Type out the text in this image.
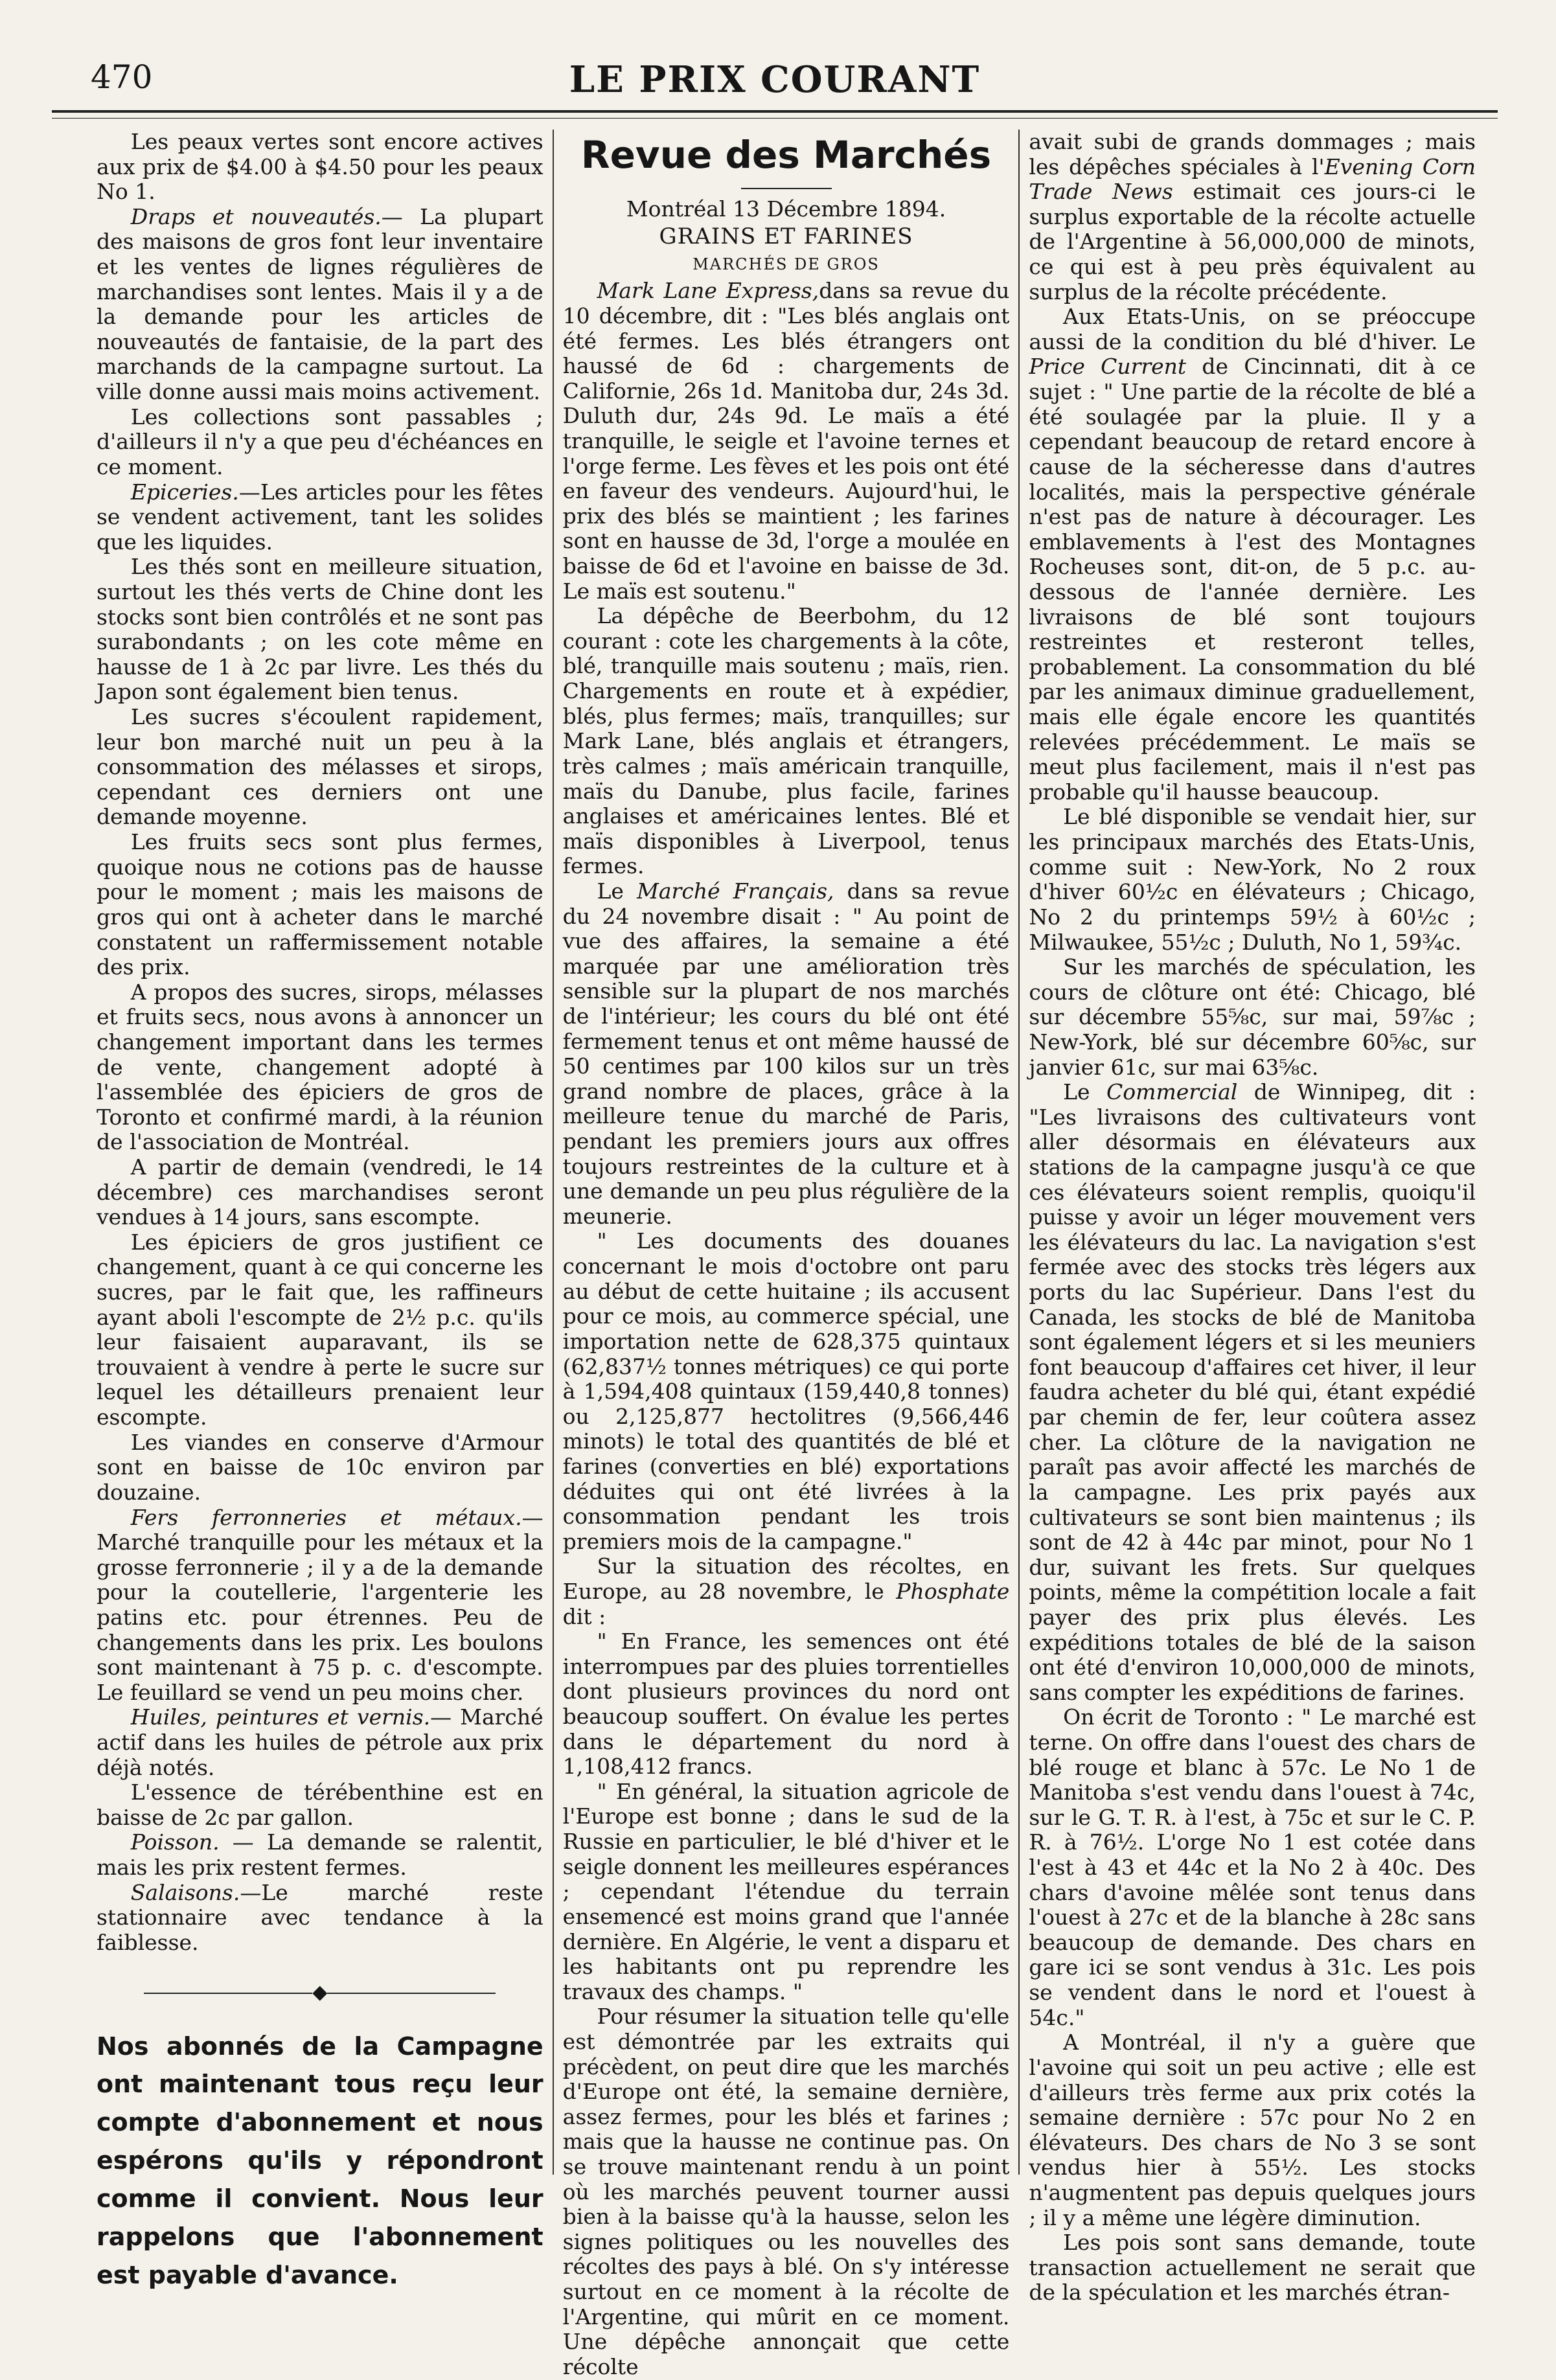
470	LE PRIX COURANT

Les peaux vertes sont encore actives aux prix de $4.00 à $4.50 pour les peaux No 1.

Draps et nouveautés.— La plupart des maisons de gros font leur inventaire et les ventes de lignes régulières de marchandises sont lentes. Mais il y a de la demande pour les articles de nouveautés de fantaisie, de la part des marchands de la campagne surtout. La ville donne aussi mais moins activement.

Les collections sont passables ; d'ailleurs il n'y a que peu d'échéances en ce moment.

Epiceries.—Les articles pour les fêtes se vendent activement, tant les solides que les liquides.

Les thés sont en meilleure situation, surtout les thés verts de Chine dont les stocks sont bien contrôlés et ne sont pas surabondants ; on les cote même en hausse de 1 à 2c par livre. Les thés du Japon sont également bien tenus.

Les sucres s'écoulent rapidement, leur bon marché nuit un peu à la consommation des mélasses et sirops, cependant ces derniers ont une demande moyenne.

Les fruits secs sont plus fermes, quoique nous ne cotions pas de hausse pour le moment ; mais les maisons de gros qui ont à acheter dans le marché constatent un raffermissement notable des prix.

A propos des sucres, sirops, mélasses et fruits secs, nous avons à annoncer un changement important dans les termes de vente, changement adopté à l'assemblée des épiciers de gros de Toronto et confirmé mardi, à la réunion de l'association de Montréal.

A partir de demain (vendredi, le 14 décembre) ces marchandises seront vendues à 14 jours, sans escompte.

Les épiciers de gros justifient ce changement, quant à ce qui concerne les sucres, par le fait que, les raffineurs ayant aboli l'escompte de 2½ p.c. qu'ils leur faisaient auparavant, ils se trouvaient à vendre à perte le sucre sur lequel les détailleurs prenaient leur escompte.

Les viandes en conserve d'Armour sont en baisse de 10c environ par douzaine.

Fers ferronneries et métaux.—Marché tranquille pour les métaux et la grosse ferronnerie ; il y a de la demande pour la coutellerie, l'argenterie les patins etc. pour étrennes. Peu de changements dans les prix. Les boulons sont maintenant à 75 p. c. d'escompte. Le feuillard se vend un peu moins cher.

Huiles, peintures et vernis.— Marché actif dans les huiles de pétrole aux prix déjà notés.

L'essence de térébenthine est en baisse de 2c par gallon.

Poisson. — La demande se ralentit, mais les prix restent fermes.

Salaisons.—Le marché reste stationnaire avec tendance à la faiblesse.

◆
Nos abonnés de la Campagne ont maintenant tous reçu leur compte d'abonnement et nous espérons qu'ils y répondront comme il convient. Nous leur rappelons que l'abonnement est payable d'avance.
Revue des Marchés
Montréal 13 Décembre 1894.
GRAINS ET FARINES
MARCHÉS DE GROS

Mark Lane Express,dans sa revue du 10 décembre, dit : "Les blés anglais ont été fermes. Les blés étrangers ont haussé de 6d : chargements de Californie, 26s 1d. Manitoba dur, 24s 3d. Duluth dur, 24s 9d. Le maïs a été tranquille, le seigle et l'avoine ternes et l'orge ferme. Les fèves et les pois ont été en faveur des vendeurs. Aujourd'hui, le prix des blés se maintient ; les farines sont en hausse de 3d, l'orge a moulée en baisse de 6d et l'avoine en baisse de 3d. Le maïs est soutenu."

La dépêche de Beerbohm, du 12 courant : cote les chargements à la côte, blé, tranquille mais soutenu ; maïs, rien. Chargements en route et à expédier, blés, plus fermes; maïs, tranquilles; sur Mark Lane, blés anglais et étrangers, très calmes ; maïs américain tranquille, maïs du Danube, plus facile, farines anglaises et américaines lentes. Blé et maïs disponibles à Liverpool, tenus fermes.

Le Marché Français, dans sa revue du 24 novembre disait : " Au point de vue des affaires, la semaine a été marquée par une amélioration très sensible sur la plupart de nos marchés de l'intérieur; les cours du blé ont été fermement tenus et ont même haussé de 50 centimes par 100 kilos sur un très grand nombre de places, grâce à la meilleure tenue du marché de Paris, pendant les premiers jours aux offres toujours restreintes de la culture et à une demande un peu plus régulière de la meunerie.

" Les documents des douanes concernant le mois d'octobre ont paru au début de cette huitaine ; ils accusent pour ce mois, au commerce spécial, une importation nette de 628,375 quintaux (62,837½ tonnes métriques) ce qui porte à 1,594,408 quintaux (159,440,8 tonnes) ou 2,125,877 hectolitres (9,566,446 minots) le total des quantités de blé et farines (converties en blé) exportations déduites qui ont été livrées à la consommation pendant les trois premiers mois de la campagne."

Sur la situation des récoltes, en Europe, au 28 novembre, le Phosphate dit :

" En France, les semences ont été interrompues par des pluies torrentielles dont plusieurs provinces du nord ont beaucoup souffert. On évalue les pertes dans le département du nord à 1,108,412 francs.

" En général, la situation agricole de l'Europe est bonne ; dans le sud de la Russie en particulier, le blé d'hiver et le seigle donnent les meilleures espérances ; cependant l'étendue du terrain ensemencé est moins grand que l'année dernière. En Algérie, le vent a disparu et les habitants ont pu reprendre les travaux des champs. "

Pour résumer la situation telle qu'elle est démontrée par les extraits qui précèdent, on peut dire que les marchés d'Europe ont été, la semaine dernière, assez fermes, pour les blés et farines ; mais que la hausse ne continue pas. On se trouve maintenant rendu à un point où les marchés peuvent tourner aussi bien à la baisse qu'à la hausse, selon les signes politiques ou les nouvelles des récoltes des pays à blé. On s'y intéresse surtout en ce moment à la récolte de l'Argentine, qui mûrit en ce moment. Une dépêche annonçait que cette récolte

avait subi de grands dommages ; mais les dépêches spéciales à l'Evening Corn Trade News estimait ces jours-ci le surplus exportable de la récolte actuelle de l'Argentine à 56,000,000 de minots, ce qui est à peu près équivalent au surplus de la récolte précédente.

Aux Etats-Unis, on se préoccupe aussi de la condition du blé d'hiver. Le Price Current de Cincinnati, dit à ce sujet : " Une partie de la récolte de blé a été soulagée par la pluie. Il y a cependant beaucoup de retard encore à cause de la sécheresse dans d'autres localités, mais la perspective générale n'est pas de nature à décourager. Les emblavements à l'est des Montagnes Rocheuses sont, dit-on, de 5 p.c. au-dessous de l'année dernière. Les livraisons de blé sont toujours restreintes et resteront telles, probablement. La consommation du blé par les animaux diminue graduellement, mais elle égale encore les quantités relevées précédemment. Le maïs se meut plus facilement, mais il n'est pas probable qu'il hausse beaucoup.

Le blé disponible se vendait hier, sur les principaux marchés des Etats-Unis, comme suit : New-York, No 2 roux d'hiver 60½c en élévateurs ; Chicago, No 2 du printemps 59½ à 60½c ; Milwaukee, 55½c ; Duluth, No 1, 59¾c.

Sur les marchés de spéculation, les cours de clôture ont été: Chicago, blé sur décembre 55⅝c, sur mai, 59⅞c ; New-York, blé sur décembre 60⅝c, sur janvier 61c, sur mai 63⅝c.

Le Commercial de Winnipeg, dit : "Les livraisons des cultivateurs vont aller désormais en élévateurs aux stations de la campagne jusqu'à ce que ces élévateurs soient remplis, quoiqu'il puisse y avoir un léger mouvement vers les élévateurs du lac. La navigation s'est fermée avec des stocks très légers aux ports du lac Supérieur. Dans l'est du Canada, les stocks de blé de Manitoba sont également légers et si les meuniers font beaucoup d'affaires cet hiver, il leur faudra acheter du blé qui, étant expédié par chemin de fer, leur coûtera assez cher. La clôture de la navigation ne paraît pas avoir affecté les marchés de la campagne. Les prix payés aux cultivateurs se sont bien maintenus ; ils sont de 42 à 44c par minot, pour No 1 dur, suivant les frets. Sur quelques points, même la compétition locale a fait payer des prix plus élevés. Les expéditions totales de blé de la saison ont été d'environ 10,000,000 de minots, sans compter les expéditions de farines.

On écrit de Toronto : " Le marché est terne. On offre dans l'ouest des chars de blé rouge et blanc à 57c. Le No 1 de Manitoba s'est vendu dans l'ouest à 74c, sur le G. T. R. à l'est, à 75c et sur le C. P. R. à 76½. L'orge No 1 est cotée dans l'est à 43 et 44c et la No 2 à 40c. Des chars d'avoine mêlée sont tenus dans l'ouest à 27c et de la blanche à 28c sans beaucoup de demande. Des chars en gare ici se sont vendus à 31c. Les pois se vendent dans le nord et l'ouest à 54c."

A Montréal, il n'y a guère que l'avoine qui soit un peu active ; elle est d'ailleurs très ferme aux prix cotés la semaine dernière : 57c pour No 2 en élévateurs. Des chars de No 3 se sont vendus hier à 55½. Les stocks n'augmentent pas depuis quelques jours ; il y a même une légère diminution.

Les pois sont sans demande, toute transaction actuellement ne serait que de la spéculation et les marchés étran-
